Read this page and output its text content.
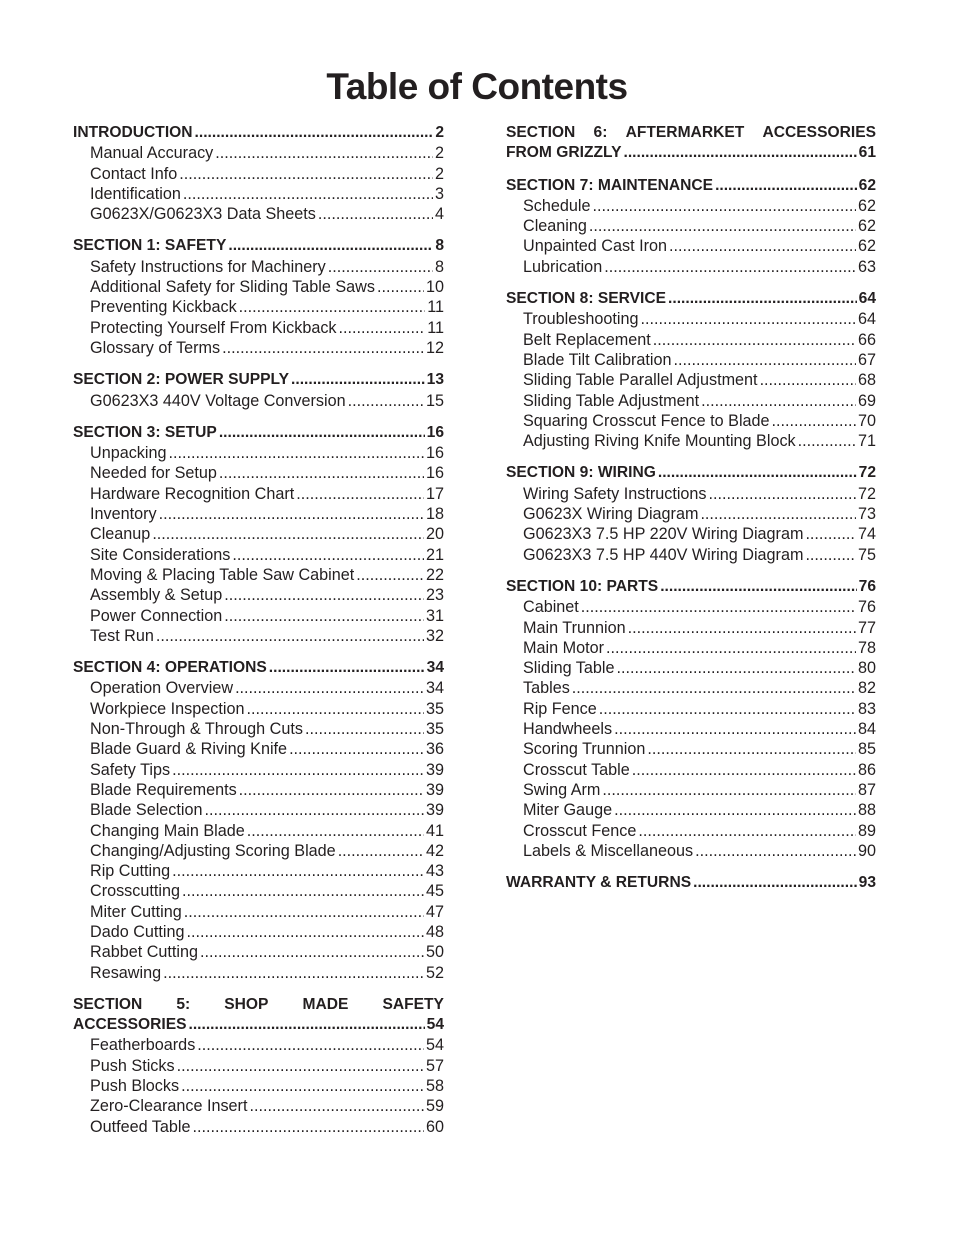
Table of Contents
INTRODUCTION .....	2
Manual Accuracy .....	2
Contact Info .....	2
Identification .....	3
G0623X/G0623X3 Data Sheets .....	4
SECTION 1: SAFETY .....	8
Safety Instructions for Machinery .....	8
Additional Safety for Sliding Table Saws .....	10
Preventing Kickback .....	11
Protecting Yourself From Kickback .....	11
Glossary of Terms .....	12
SECTION 2: POWER SUPPLY .....	13
G0623X3 440V Voltage Conversion .....	15
SECTION 3: SETUP .....	16
Unpacking .....	16
Needed for Setup .....	16
Hardware Recognition Chart .....	17
Inventory .....	18
Cleanup .....	20
Site Considerations .....	21
Moving & Placing Table Saw Cabinet .....	22
Assembly & Setup .....	23
Power Connection .....	31
Test Run .....	32
SECTION 4: OPERATIONS .....	34
Operation Overview .....	34
Workpiece Inspection .....	35
Non-Through & Through Cuts .....	35
Blade Guard & Riving Knife .....	36
Safety Tips .....	39
Blade Requirements .....	39
Blade Selection .....	39
Changing Main Blade .....	41
Changing/Adjusting Scoring Blade .....	42
Rip Cutting .....	43
Crosscutting .....	45
Miter Cutting .....	47
Dado Cutting .....	48
Rabbet Cutting .....	50
Resawing .....	52
SECTION 5: SHOP MADE SAFETY
ACCESSORIES .....	54
Featherboards .....	54
Push Sticks .....	57
Push Blocks .....	58
Zero-Clearance Insert .....	59
Outfeed Table .....	60
SECTION 6: AFTERMARKET ACCESSORIES
FROM GRIZZLY .....	61
SECTION 7: MAINTENANCE .....	62
Schedule .....	62
Cleaning .....	62
Unpainted Cast Iron .....	62
Lubrication .....	63
SECTION 8: SERVICE .....	64
Troubleshooting .....	64
Belt Replacement .....	66
Blade Tilt Calibration .....	67
Sliding Table Parallel Adjustment .....	68
Sliding Table Adjustment .....	69
Squaring Crosscut Fence to Blade .....	70
Adjusting Riving Knife Mounting Block .....	71
SECTION 9: WIRING .....	72
Wiring Safety Instructions .....	72
G0623X Wiring Diagram .....	73
G0623X3 7.5 HP 220V Wiring Diagram .....	74
G0623X3 7.5 HP 440V Wiring Diagram .....	75
SECTION 10: PARTS .....	76
Cabinet .....	76
Main Trunnion .....	77
Main Motor .....	78
Sliding Table .....	80
Tables .....	82
Rip Fence .....	83
Handwheels .....	84
Scoring Trunnion .....	85
Crosscut Table .....	86
Swing Arm .....	87
Miter Gauge .....	88
Crosscut Fence .....	89
Labels & Miscellaneous .....	90
WARRANTY & RETURNS .....	93
